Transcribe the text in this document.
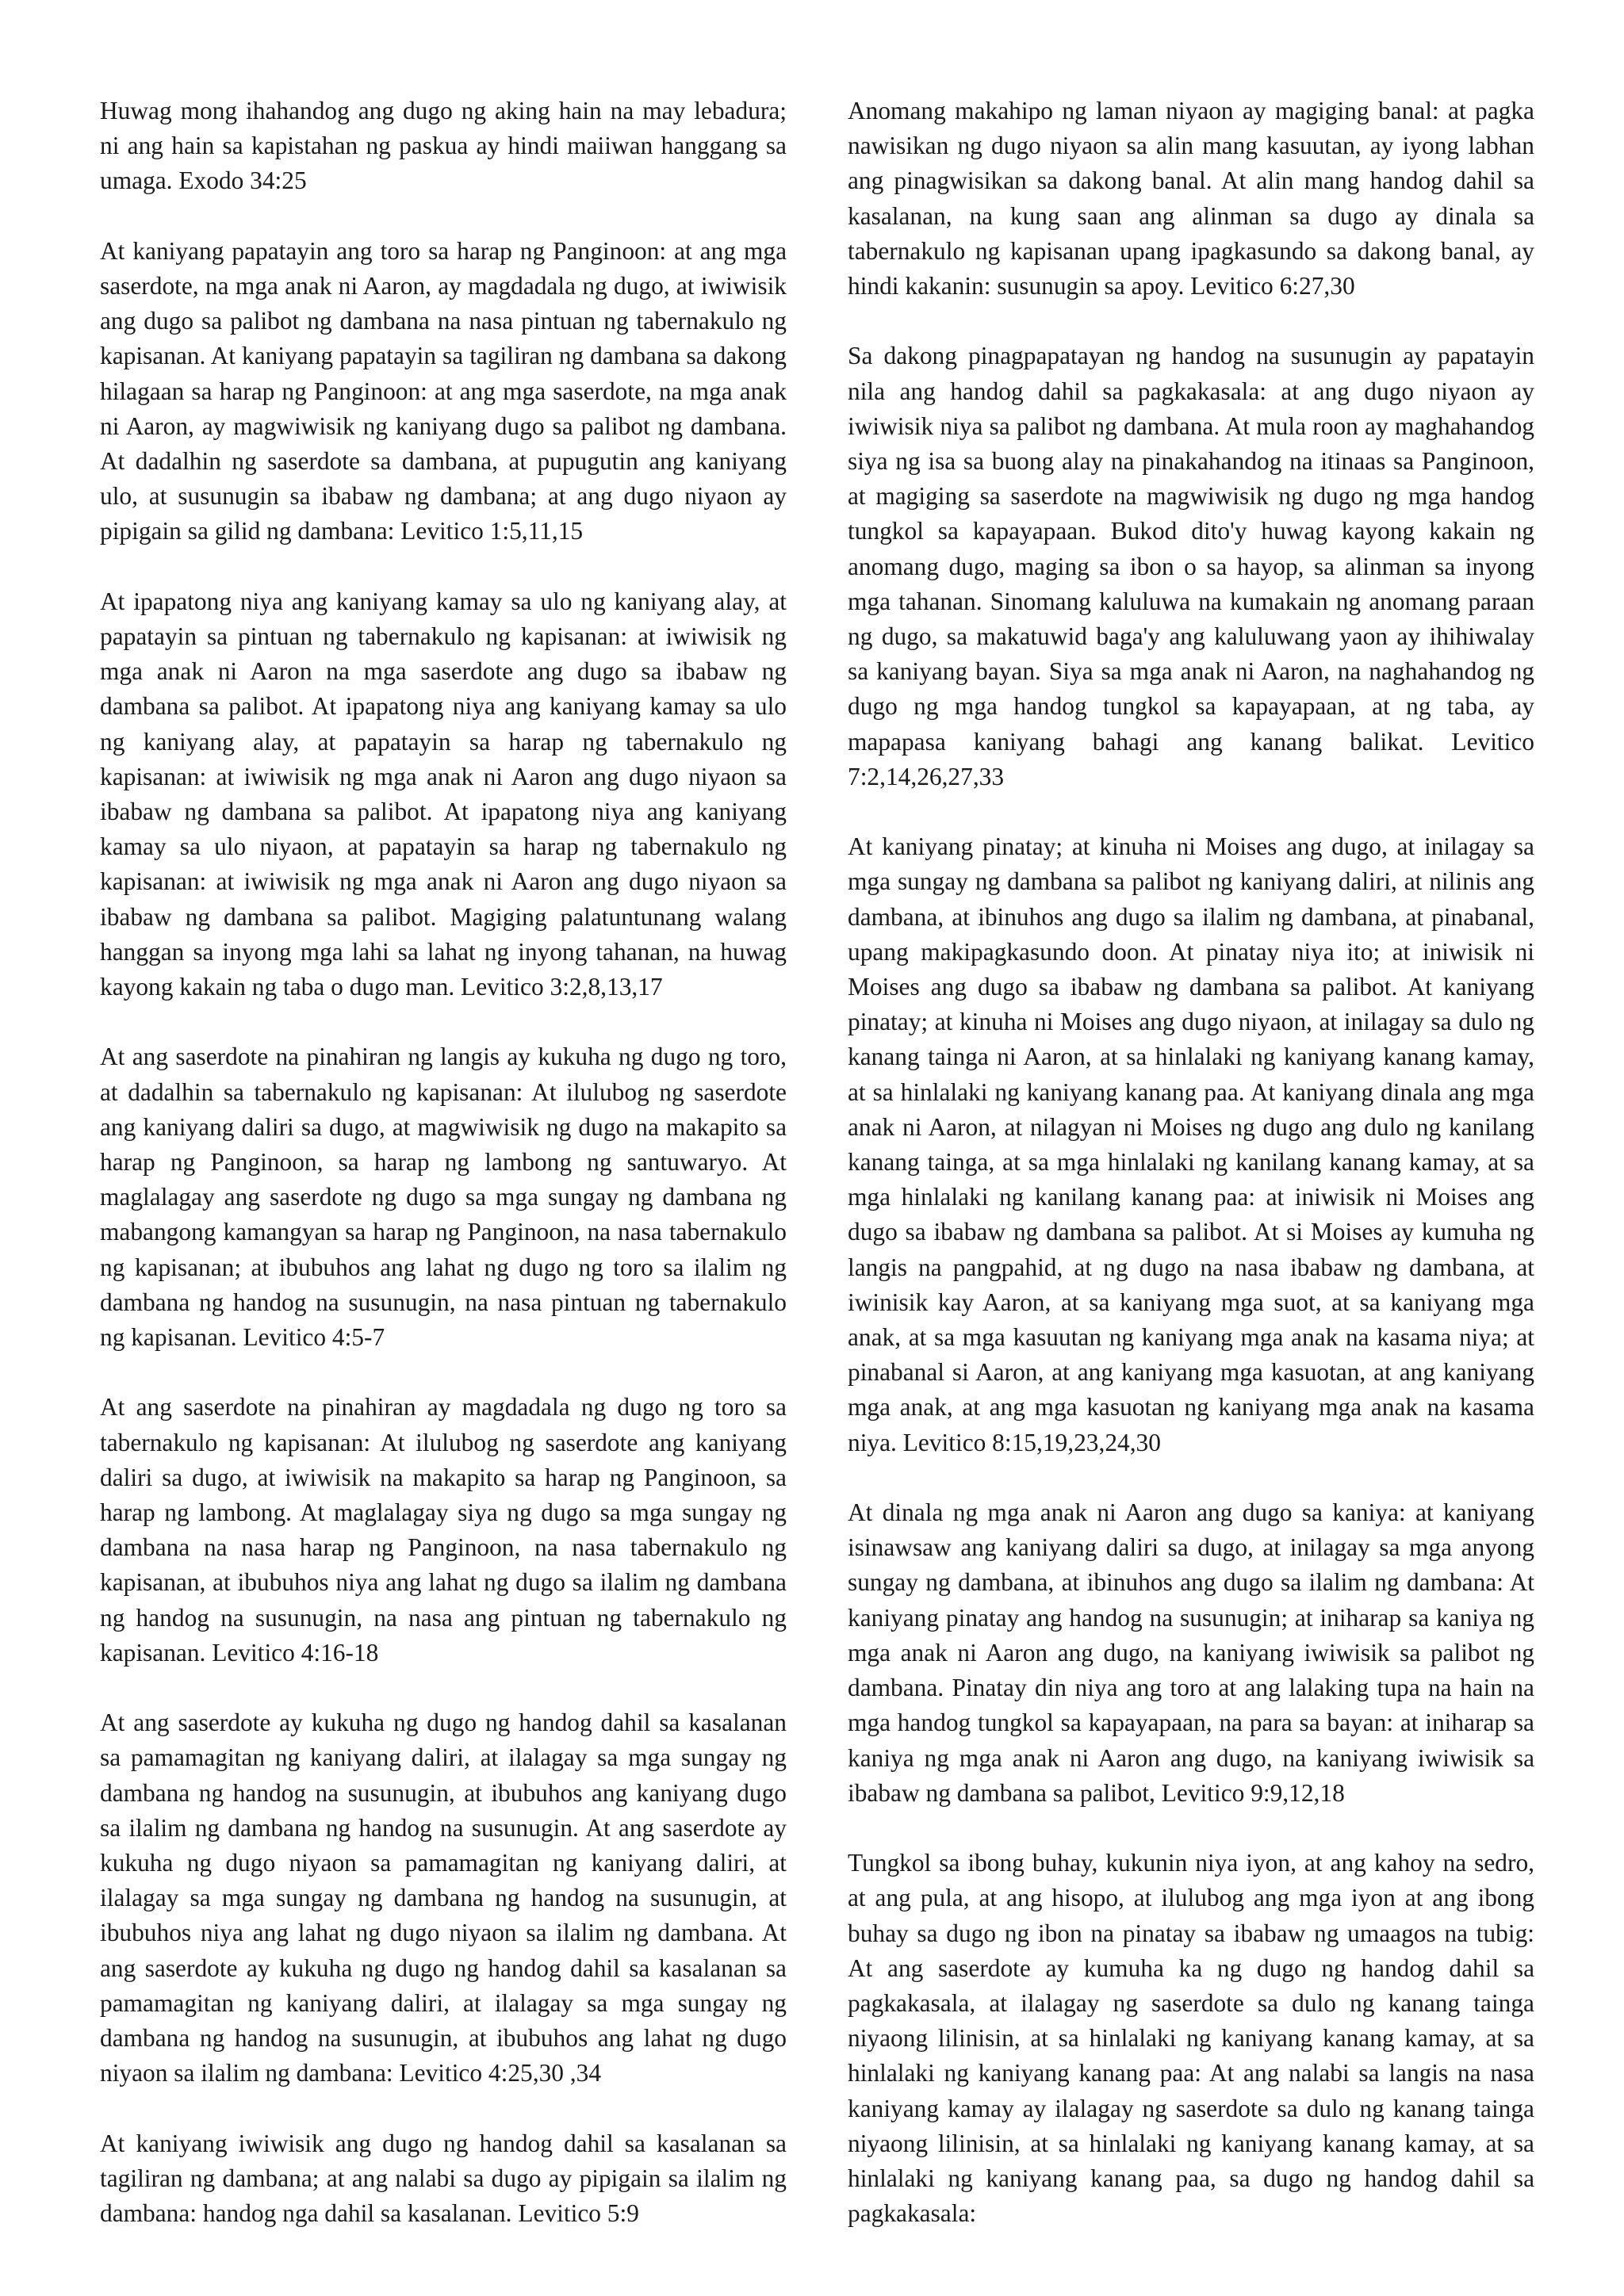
Huwag mong ihahandog ang dugo ng aking hain na may lebadura; ni ang hain sa kapistahan ng paskua ay hindi maiiwan hanggang sa umaga. Exodo 34:25

At kaniyang papatayin ang toro sa harap ng Panginoon: at ang mga saserdote, na mga anak ni Aaron, ay magdadala ng dugo, at iwiwisik ang dugo sa palibot ng dambana na nasa pintuan ng tabernakulo ng kapisanan. At kaniyang papatayin sa tagiliran ng dambana sa dakong hilagaan sa harap ng Panginoon: at ang mga saserdote, na mga anak ni Aaron, ay magwiwisik ng kaniyang dugo sa palibot ng dambana. At dadalhin ng saserdote sa dambana, at pupugutin ang kaniyang ulo, at susunugin sa ibabaw ng dambana; at ang dugo niyaon ay pipigain sa gilid ng dambana: Levitico 1:5,11,15

At ipapatong niya ang kaniyang kamay sa ulo ng kaniyang alay, at papatayin sa pintuan ng tabernakulo ng kapisanan: at iwiwisik ng mga anak ni Aaron na mga saserdote ang dugo sa ibabaw ng dambana sa palibot. At ipapatong niya ang kaniyang kamay sa ulo ng kaniyang alay, at papatayin sa harap ng tabernakulo ng kapisanan: at iwiwisik ng mga anak ni Aaron ang dugo niyaon sa ibabaw ng dambana sa palibot. At ipapatong niya ang kaniyang kamay sa ulo niyaon, at papatayin sa harap ng tabernakulo ng kapisanan: at iwiwisik ng mga anak ni Aaron ang dugo niyaon sa ibabaw ng dambana sa palibot. Magiging palatuntunang walang hanggan sa inyong mga lahi sa lahat ng inyong tahanan, na huwag kayong kakain ng taba o dugo man. Levitico 3:2,8,13,17

At ang saserdote na pinahiran ng langis ay kukuha ng dugo ng toro, at dadalhin sa tabernakulo ng kapisanan: At ilulubog ng saserdote ang kaniyang daliri sa dugo, at magwiwisik ng dugo na makapito sa harap ng Panginoon, sa harap ng lambong ng santuwaryo. At maglalagay ang saserdote ng dugo sa mga sungay ng dambana ng mabangong kamangyan sa harap ng Panginoon, na nasa tabernakulo ng kapisanan; at ibubuhos ang lahat ng dugo ng toro sa ilalim ng dambana ng handog na susunugin, na nasa pintuan ng tabernakulo ng kapisanan. Levitico 4:5-7

At ang saserdote na pinahiran ay magdadala ng dugo ng toro sa tabernakulo ng kapisanan: At ilulubog ng saserdote ang kaniyang daliri sa dugo, at iwiwisik na makapito sa harap ng Panginoon, sa harap ng lambong. At maglalagay siya ng dugo sa mga sungay ng dambana na nasa harap ng Panginoon, na nasa tabernakulo ng kapisanan, at ibubuhos niya ang lahat ng dugo sa ilalim ng dambana ng handog na susunugin, na nasa ang pintuan ng tabernakulo ng kapisanan. Levitico 4:16-18

At ang saserdote ay kukuha ng dugo ng handog dahil sa kasalanan sa pamamagitan ng kaniyang daliri, at ilalagay sa mga sungay ng dambana ng handog na susunugin, at ibubuhos ang kaniyang dugo sa ilalim ng dambana ng handog na susunugin. At ang saserdote ay kukuha ng dugo niyaon sa pamamagitan ng kaniyang daliri, at ilalagay sa mga sungay ng dambana ng handog na susunugin, at ibubuhos niya ang lahat ng dugo niyaon sa ilalim ng dambana. At ang saserdote ay kukuha ng dugo ng handog dahil sa kasalanan sa pamamagitan ng kaniyang daliri, at ilalagay sa mga sungay ng dambana ng handog na susunugin, at ibubuhos ang lahat ng dugo niyaon sa ilalim ng dambana: Levitico 4:25,30 ,34

At kaniyang iwiwisik ang dugo ng handog dahil sa kasalanan sa tagiliran ng dambana; at ang nalabi sa dugo ay pipigain sa ilalim ng dambana: handog nga dahil sa kasalanan. Levitico 5:9

Anomang makahipo ng laman niyaon ay magiging banal: at pagka nawisikan ng dugo niyaon sa alin mang kasuutan, ay iyong labhan ang pinagwisikan sa dakong banal. At alin mang handog dahil sa kasalanan, na kung saan ang alinman sa dugo ay dinala sa tabernakulo ng kapisanan upang ipagkasundo sa dakong banal, ay hindi kakanin: susunugin sa apoy. Levitico 6:27,30

Sa dakong pinagpapatayan ng handog na susunugin ay papatayin nila ang handog dahil sa pagkakasala: at ang dugo niyaon ay iwiwisik niya sa palibot ng dambana. At mula roon ay maghahandog siya ng isa sa buong alay na pinakahandog na itinaas sa Panginoon, at magiging sa saserdote na magwiwisik ng dugo ng mga handog tungkol sa kapayapaan. Bukod dito'y huwag kayong kakain ng anomang dugo, maging sa ibon o sa hayop, sa alinman sa inyong mga tahanan. Sinomang kaluluwa na kumakain ng anomang paraan ng dugo, sa makatuwid baga'y ang kaluluwang yaon ay ihihiwalay sa kaniyang bayan. Siya sa mga anak ni Aaron, na naghahandog ng dugo ng mga handog tungkol sa kapayapaan, at ng taba, ay mapapasa kaniyang bahagi ang kanang balikat. Levitico 7:2,14,26,27,33

At kaniyang pinatay; at kinuha ni Moises ang dugo, at inilagay sa mga sungay ng dambana sa palibot ng kaniyang daliri, at nilinis ang dambana, at ibinuhos ang dugo sa ilalim ng dambana, at pinabanal, upang makipagkasundo doon. At pinatay niya ito; at iniwisik ni Moises ang dugo sa ibabaw ng dambana sa palibot. At kaniyang pinatay; at kinuha ni Moises ang dugo niyaon, at inilagay sa dulo ng kanang tainga ni Aaron, at sa hinlalaki ng kaniyang kanang kamay, at sa hinlalaki ng kaniyang kanang paa. At kaniyang dinala ang mga anak ni Aaron, at nilagyan ni Moises ng dugo ang dulo ng kanilang kanang tainga, at sa mga hinlalaki ng kanilang kanang kamay, at sa mga hinlalaki ng kanilang kanang paa: at iniwisik ni Moises ang dugo sa ibabaw ng dambana sa palibot. At si Moises ay kumuha ng langis na pangpahid, at ng dugo na nasa ibabaw ng dambana, at iwinisik kay Aaron, at sa kaniyang mga suot, at sa kaniyang mga anak, at sa mga kasuutan ng kaniyang mga anak na kasama niya; at pinabanal si Aaron, at ang kaniyang mga kasuotan, at ang kaniyang mga anak, at ang mga kasuotan ng kaniyang mga anak na kasama niya. Levitico 8:15,19,23,24,30

At dinala ng mga anak ni Aaron ang dugo sa kaniya: at kaniyang isinawsaw ang kaniyang daliri sa dugo, at inilagay sa mga anyong sungay ng dambana, at ibinuhos ang dugo sa ilalim ng dambana: At kaniyang pinatay ang handog na susunugin; at iniharap sa kaniya ng mga anak ni Aaron ang dugo, na kaniyang iwiwisik sa palibot ng dambana. Pinatay din niya ang toro at ang lalaking tupa na hain na mga handog tungkol sa kapayapaan, na para sa bayan: at iniharap sa kaniya ng mga anak ni Aaron ang dugo, na kaniyang iwiwisik sa ibabaw ng dambana sa palibot, Levitico 9:9,12,18

Tungkol sa ibong buhay, kukunin niya iyon, at ang kahoy na sedro, at ang pula, at ang hisopo, at ilulubog ang mga iyon at ang ibong buhay sa dugo ng ibon na pinatay sa ibabaw ng umaagos na tubig: At ang saserdote ay kumuha ka ng dugo ng handog dahil sa pagkakasala, at ilalagay ng saserdote sa dulo ng kanang tainga niyaong lilinisin, at sa hinlalaki ng kaniyang kanang kamay, at sa hinlalaki ng kaniyang kanang paa: At ang nalabi sa langis na nasa kaniyang kamay ay ilalagay ng saserdote sa dulo ng kanang tainga niyaong lilinisin, at sa hinlalaki ng kaniyang kanang kamay, at sa hinlalaki ng kaniyang kanang paa, sa dugo ng handog dahil sa pagkakasala:
